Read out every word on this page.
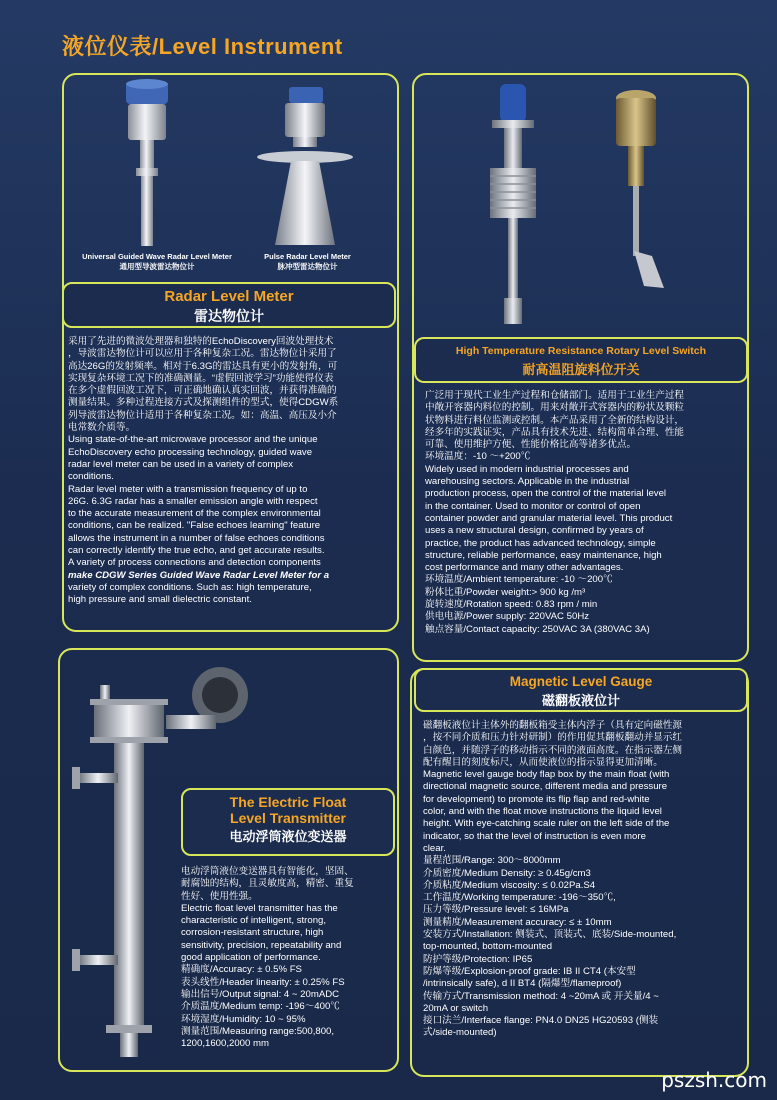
液位仪表/Level Instrument
Universal Guided Wave Radar Level Meter
通用型导波雷达物位计
Pulse Radar Level Meter
脉冲型雷达物位计
Radar Level Meter
雷达物位计

采用了先进的微波处理器和独特的EchoDiscovery回波处理技术

，导波雷达物位计可以应用于各种复杂工况。雷达物位计采用了

高达26G的发射频率。相对于6.3G的雷达具有更小的发射角，可

实现复杂环境工况下的准确测量。“虚假回波学习”功能使得仪表

在多个虚假回波工况下，可正确地确认真实回波，并获得准确的

测量结果。多种过程连接方式及探测组件的型式，使得CDGW系

列导波雷达物位计适用于各种复杂工况。如：高温、高压及小介

电常数介质等。

Using state-of-the-art microwave processor and the unique

EchoDiscovery echo processing technology, guided wave

radar level meter can be used in a variety of complex

conditions.

Radar level meter with a transmission frequency of up to

26G. 6.3G radar has a smaller emission angle with respect

to the accurate measurement of the complex environmental

conditions, can be realized. "False echoes learning" feature

allows the instrument in a number of false echoes conditions

can correctly identify the true echo, and get accurate results.

A variety of process connections and detection components

make CDGW Series Guided Wave Radar Level Meter for a

variety of complex conditions. Such as: high temperature,

high pressure and small dielectric constant.

High Temperature Resistance Rotary Level Switch
耐高温阻旋料位开关

广泛用于现代工业生产过程和仓储部门。适用于工业生产过程

中敞开容器内料位的控制。用来对敞开式容器内的粉状及颗粒

状物料进行料位监测或控制。本产品采用了全新的结构设计，

经多年的实践证实，产品具有技术先进、结构简单合理、性能

可靠、使用维护方便、性能价格比高等诸多优点。

环境温度：-10 ～+200℃

Widely used in modern industrial processes and

warehousing sectors. Applicable in the industrial

production process, open the control of the material level

in the container. Used to monitor or control of open

container powder and granular material level. This product

uses a new structural design, confirmed by years of

practice, the product has advanced technology, simple

structure, reliable performance, easy maintenance, high

cost performance and many other advantages.

环境温度/Ambient temperature: -10 ～200℃

粉体比重/Powder weight:> 900 kg /m³

旋转速度/Rotation speed: 0.83 rpm / min

供电电源/Power supply: 220VAC 50Hz

触点容量/Contact capacity: 250VAC 3A (380VAC 3A)

The Electric Float
Level Transmitter
电动浮筒液位变送器

电动浮筒液位变送器具有智能化，坚固、

耐腐蚀的结构，且灵敏度高，精密、重复

性好、使用性强。

Electric float level transmitter has the

characteristic of intelligent, strong,

corrosion-resistant structure, high

sensitivity, precision, repeatability and

good application of performance.

精确度/Accuracy: ± 0.5% FS

表头线性/Header linearity: ± 0.25% FS

输出信号/Output signal: 4 ~ 20mADC

介质温度/Medium temp: -196～400℃

环境湿度/Humidity: 10 ~ 95%

测量范围/Measuring range:500,800,

1200,1600,2000 mm

Magnetic Level Gauge
磁翻板液位计

磁翻板液位计主体外的翻板箱受主体内浮子（具有定向磁性源

，按不同介质和压力针对研制）的作用促其翻板翻动并显示红

白颜色，并随浮子的移动指示不同的液面高度。在指示器左侧

配有醒目的刻度标尺，从而使液位的指示显得更加清晰。

Magnetic level gauge body flap box by the main float (with

directional magnetic source, different media and pressure

for development) to promote its flip flap and red-white

color, and with the float move instructions the liquid level

height. With eye-catching scale ruler on the left side of the

indicator, so that the level of instruction is even more

clear.

量程范围/Range: 300～8000mm

介质密度/Medium Density: ≥ 0.45g/cm3

介质粘度/Medium viscosity: ≤ 0.02Pa.S4

工作温度/Working temperature: -196～350℃,

压力等级/Pressure level: ≤ 16MPa

测量精度/Measurement accuracy: ≤ ± 10mm

安装方式/Installation: 侧装式、顶装式、底装/Side-mounted,

top-mounted, bottom-mounted

防护等级/Protection: IP65

防爆等级/Explosion-proof grade: IB II CT4 (本安型

/intrinsically safe), d II BT4 (隔爆型/flameproof)

传输方式/Transmission method: 4 ~20mA 或 开关量/4 ~

20mA or switch

接口法兰/Interface flange: PN4.0 DN25 HG20593 (侧装

式/side-mounted)

pszsh.com
